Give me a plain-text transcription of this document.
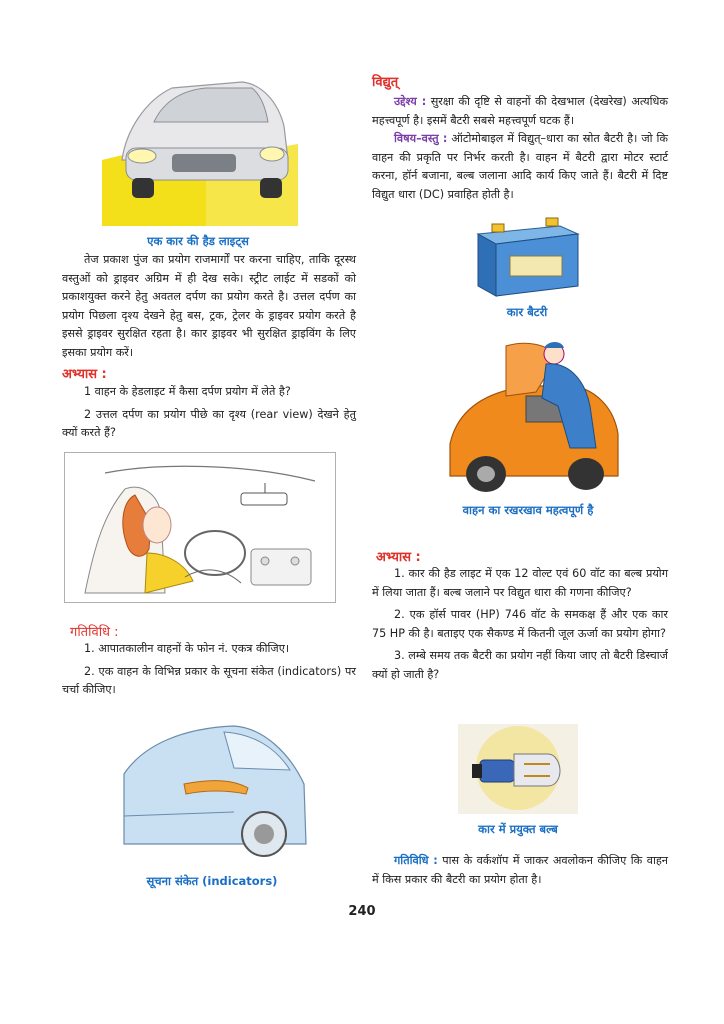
एक कार की हैड लाइट्स

तेज प्रकाश पुंज का प्रयोग राजमार्गों पर करना चाहिए, ताकि दूरस्थ वस्तुओं को ड्राइवर अग्रिम में ही देख सके। स्ट्रीट लाईट में सडकों को प्रकाशयुक्त करने हेतु अवतल दर्पण का प्रयोग करते है। उत्तल दर्पण का प्रयोग पिछला दृश्य देखने हेतु बस, ट्रक, ट्रेलर के ड्राइवर प्रयोग करते है इससे ड्राइवर सुरक्षित रहता है। कार ड्राइवर भी सुरक्षित ड्राइविंग के लिए इसका प्रयोग करें।

अभ्यास :

1 वाहन के हेडलाइट में कैसा दर्पण प्रयोग में लेते है?

2 उत्तल दर्पण का प्रयोग पीछे का दृश्य (rear view) देखने हेतु क्यों करते हैं?

गतिविधि :

1. आपातकालीन वाहनों के फोन नं. एकत्र कीजिए।

2. एक वाहन के विभिन्न प्रकार के सूचना संकेत (indicators) पर चर्चा कीजिए।

सूचना संकेत (indicators)
विद्युत्

उद्देश्य : सुरक्षा की दृष्टि से वाहनों की देखभाल (देखरेख) अत्यधिक महत्त्वपूर्ण है। इसमें बैटरी सबसे महत्त्वपूर्ण घटक हैं।

विषय–वस्तु : ऑटोमोबाइल में विद्युत्–धारा का स्रोत बैटरी है। जो कि वाहन की प्रकृति पर निर्भर करती है। वाहन में बैटरी द्वारा मोटर स्टार्ट करना, हॉर्न बजाना, बल्ब जलाना आदि कार्य किए जाते हैं। बैटरी में दिष्ट विद्युत धारा (DC) प्रवाहित होती है।

कार बैटरी
वाहन का रखरखाव महत्वपूर्ण है
अभ्यास :

1. कार की हैड लाइट में एक 12 वोल्ट एवं 60 वॉट का बल्ब प्रयोग में लिया जाता हैं। बल्ब जलाने पर विद्युत धारा की गणना कीजिए?

2. एक हॉर्स पावर (HP) 746 वॉट के समकक्ष हैं और एक कार 75 HP की है। बताइए एक सैकण्ड में कितनी जूल ऊर्जा का प्रयोग होगा?

3. लम्बे समय तक बैटरी का प्रयोग नहीं किया जाए तो बैटरी डिस्चार्ज क्यों हो जाती है?

कार में प्रयुक्त बल्ब

गतिविधि : पास के वर्कशॉप में जाकर अवलोकन कीजिए कि वाहन में किस प्रकार की बैटरी का प्रयोग होता है।

240
